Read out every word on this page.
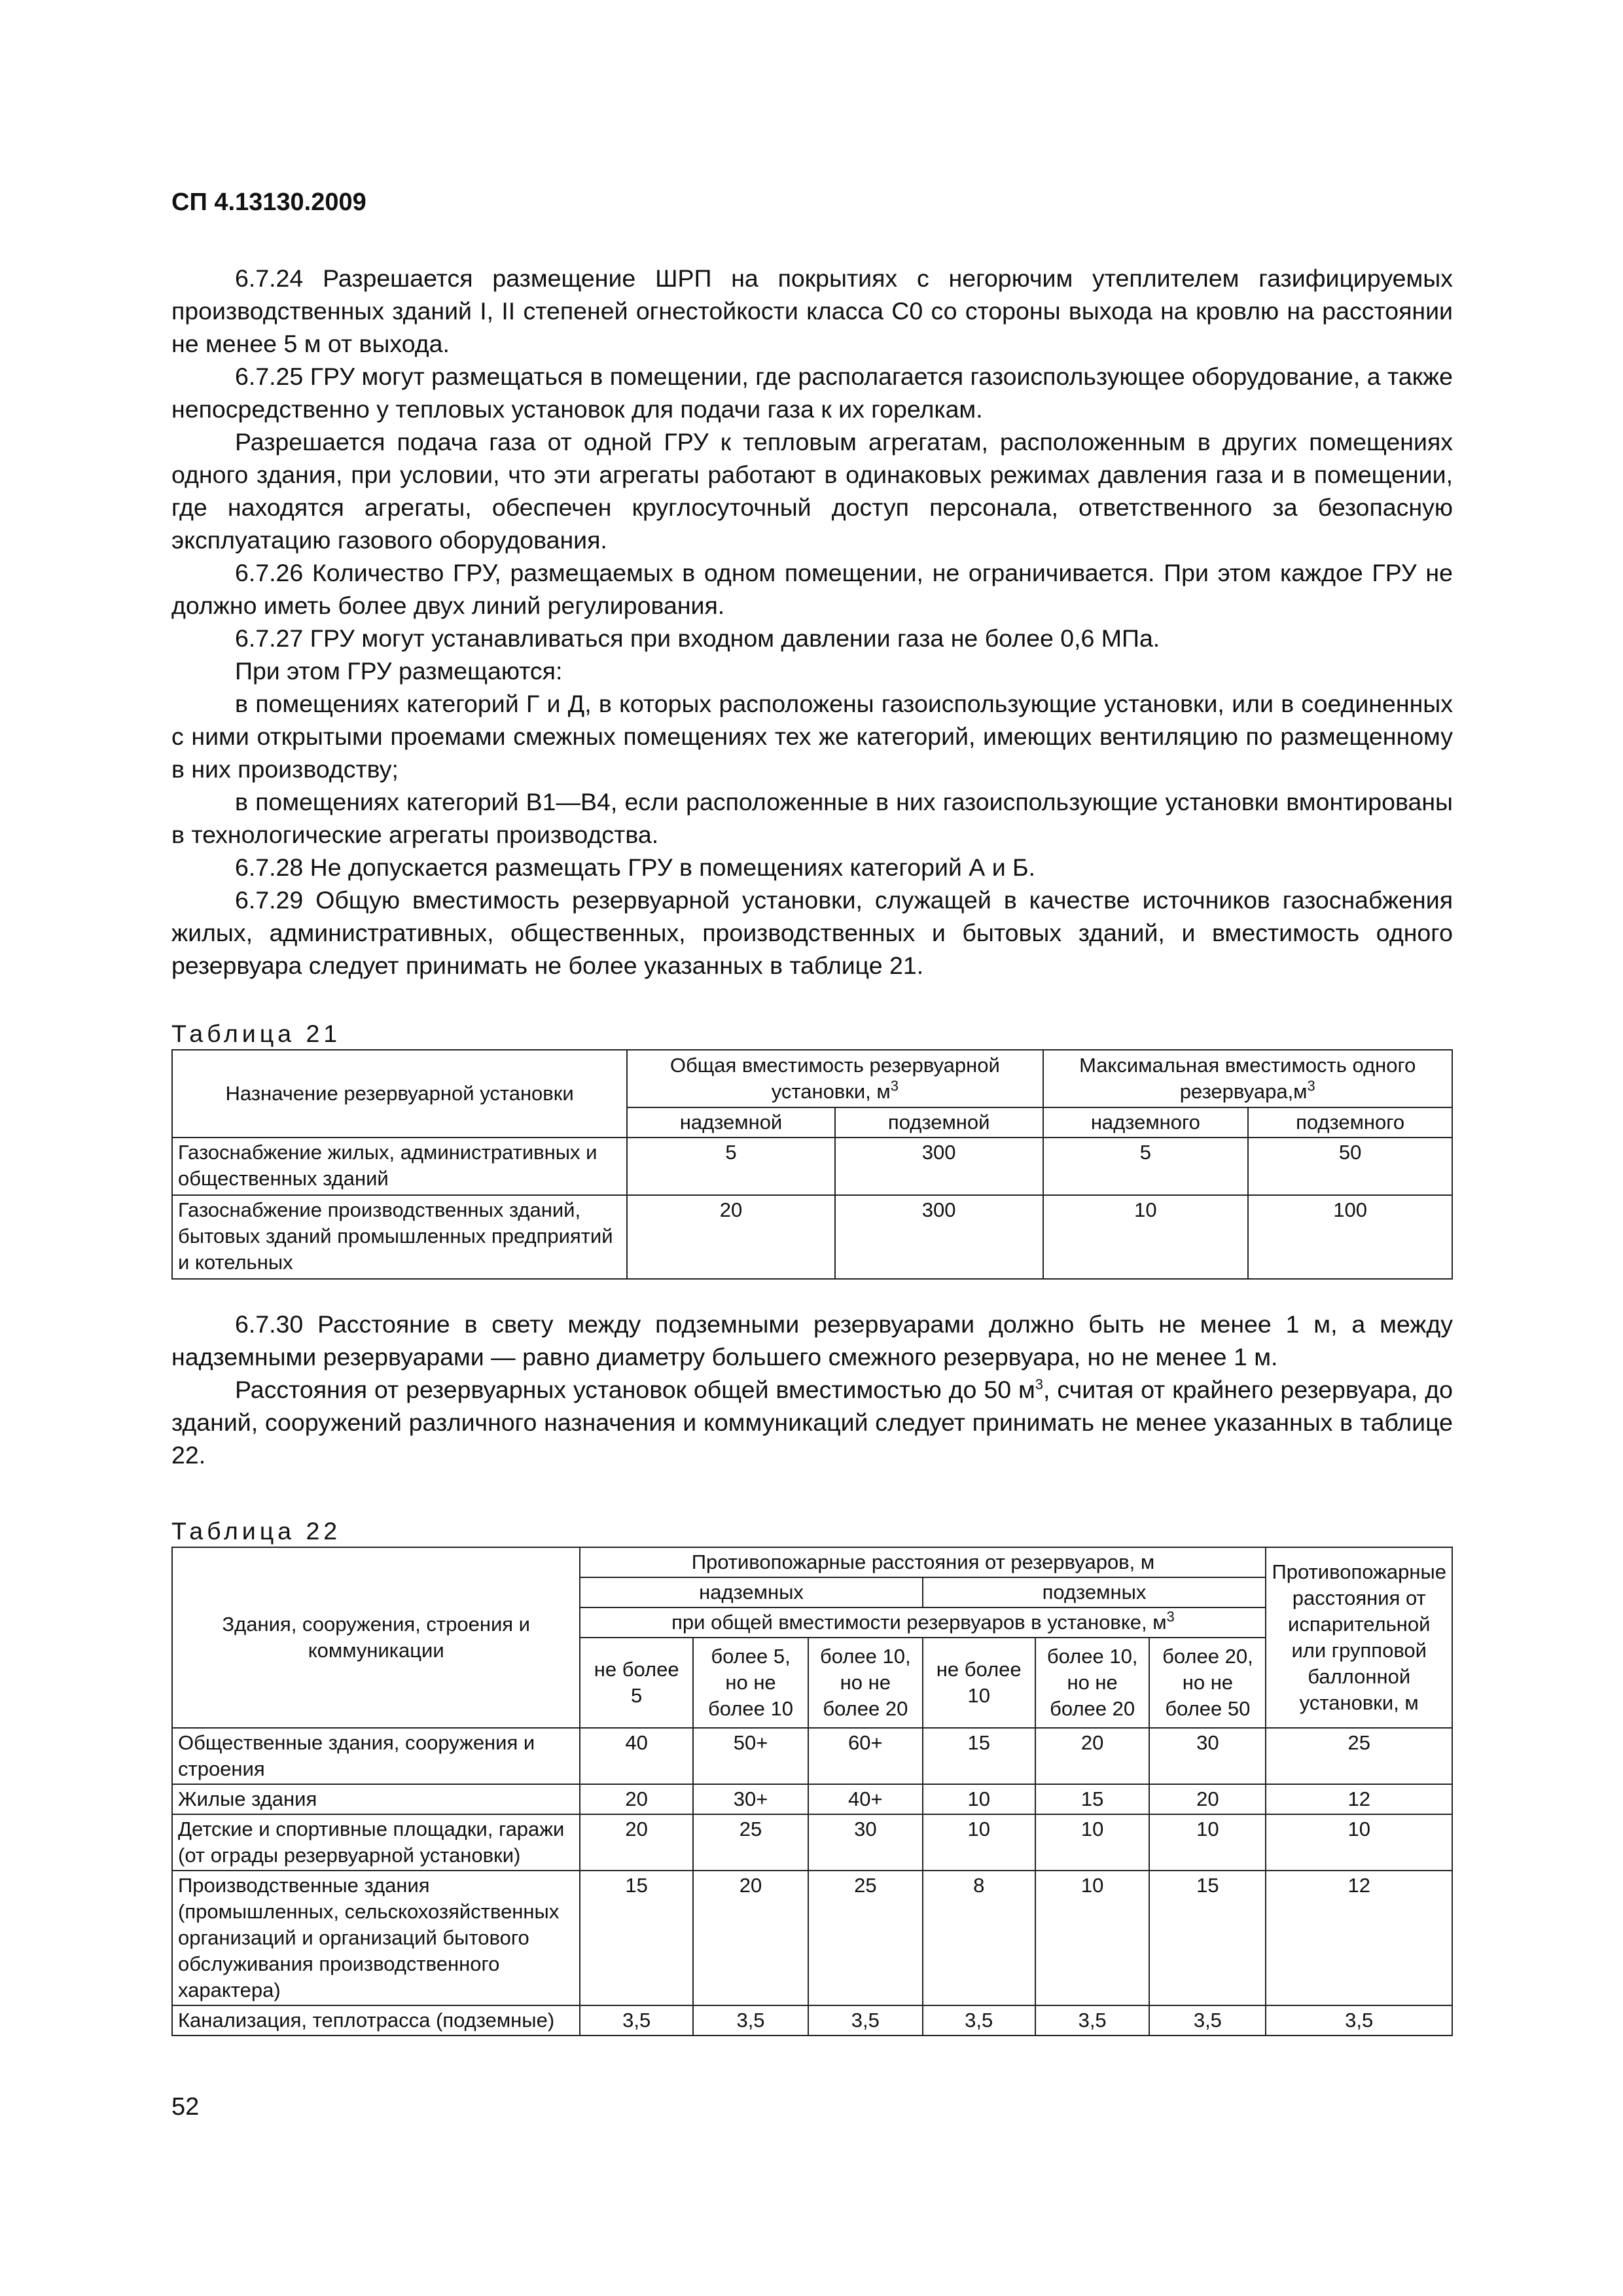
СП 4.13130.2009

6.7.24 Разрешается размещение ШРП на покрытиях с негорючим утеплителем газифицируемых производственных зданий I, II степеней огнестойкости класса С0 со стороны выхода на кровлю на расстоянии не менее 5 м от выхода.

6.7.25 ГРУ могут размещаться в помещении, где располагается газоиспользующее оборудование, а также непосредственно у тепловых установок для подачи газа к их горелкам.

Разрешается подача газа от одной ГРУ к тепловым агрегатам, расположенным в других помещениях одного здания, при условии, что эти агрегаты работают в одинаковых режимах давления газа и в помещении, где находятся агрегаты, обеспечен круглосуточный доступ персонала, ответственного за безопасную эксплуатацию газового оборудования.

6.7.26 Количество ГРУ, размещаемых в одном помещении, не ограничивается. При этом каждое ГРУ не должно иметь более двух линий регулирования.

6.7.27 ГРУ могут устанавливаться при входном давлении газа не более 0,6 МПа.

При этом ГРУ размещаются:

в помещениях категорий Г и Д, в которых расположены газоиспользующие установки, или в соединенных с ними открытыми проемами смежных помещениях тех же категорий, имеющих вентиляцию по размещенному в них производству;

в помещениях категорий В1—В4, если расположенные в них газоиспользующие установки вмонтированы в технологические агрегаты производства.

6.7.28 Не допускается размещать ГРУ в помещениях категорий А и Б.

6.7.29 Общую вместимость резервуарной установки, служащей в качестве источников газоснабжения жилых, административных, общественных, производственных и бытовых зданий, и вместимость одного резервуара следует принимать не более указанных в таблице 21.

Таблица 21
Назначение резервуарной установки	Общая вместимость резервуарной установки, $м^3$		Максимальная вместимость одного $резервуара,м^3$
	надземной	подземной	надземного	подземного
Газоснабжение жилых, административных и общественных зданий	5	300	5	50
Газоснабжение производственных зданий, бытовых зданий промышленных предприятий и котельных	20	300	10	100

6.7.30 Расстояние в свету между подземными резервуарами должно быть не менее 1 м, а между надземными резервуарами — равно диаметру большего смежного резервуара, но не менее 1 м.

Расстояния от резервуарных установок общей вместимостью до 50 $м^3$, считая от крайнего резервуара, до зданий, сооружений различного назначения и коммуникаций следует принимать не менее указанных в таблице 22.

Таблица 22
Здания, сооружения, строения и коммуникации	Противопожарные расстояния от резервуаров, м						Противопожарные расстояния от испарительной или групповой баллонной установки, м
	надземных			подземных			
	при общей вместимости резервуаров в установке, $м^3$
	не более 5	более 5, но не более 10	более 10, но не более 20	не более 10	более 10, но не более 20	более 20, но не более 50	
Общественные здания, сооружения и строения	40	50+	60+	15	20	30	25
Жилые здания	20	30+	40+	10	15	20	12
Детские и спортивные площадки, гаражи (от ограды резервуарной установки)	20	25	30	10	10	10	10
Производственные здания (промышленных, сельскохозяйственных организаций и организаций бытового обслуживания производственного характера)	15	20	25	8	10	15	12
Канализация, теплотрасса (подземные)	3,5	3,5	3,5	3,5	3,5	3,5	3,5
52
